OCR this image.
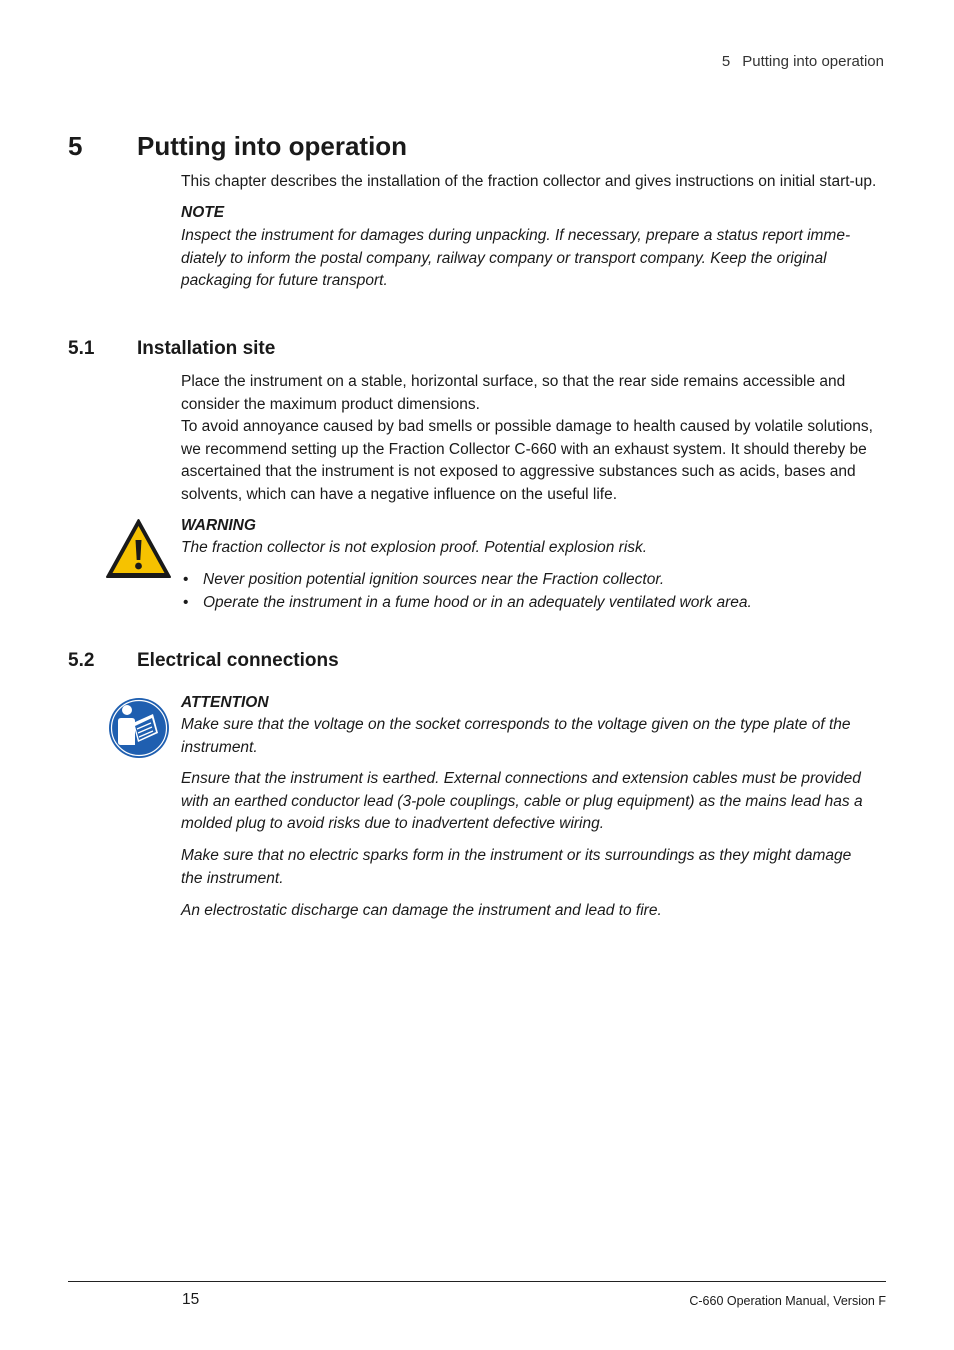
5 Putting into operation
5 Putting into operation
This chapter describes the installation of the fraction collector and gives instructions on initial start-up.
NOTE
Inspect the instrument for damages during unpacking. If necessary, prepare a status report imme-
diately to inform the postal company, railway company or transport company. Keep the original
packaging for future transport.
5.1 Installation site
Place the instrument on a stable, horizontal surface, so that the rear side remains accessible and
consider the maximum product dimensions.
To avoid annoyance caused by bad smells or possible damage to health caused by volatile solutions,
we recommend setting up the Fraction Collector C-660 with an exhaust system. It should thereby be
ascertained that the instrument is not exposed to aggressive substances such as acids, bases and
solvents, which can have a negative influence on the useful life.
WARNING
The fraction collector is not explosion proof. Potential explosion risk.
• Never position potential ignition sources near the Fraction collector.
• Operate the instrument in a fume hood or in an adequately ventilated work area.
5.2 Electrical connections
ATTENTION
Make sure that the voltage on the socket corresponds to the voltage given on the type plate of the
instrument.
Ensure that the instrument is earthed. External connections and extension cables must be provided
with an earthed conductor lead (3-pole couplings, cable or plug equipment) as the mains lead has a
molded plug to avoid risks due to inadvertent defective wiring.
Make sure that no electric sparks form in the instrument or its surroundings as they might damage
the instrument.
An electrostatic discharge can damage the instrument and lead to fire.
15	C-660 Operation Manual, Version F
